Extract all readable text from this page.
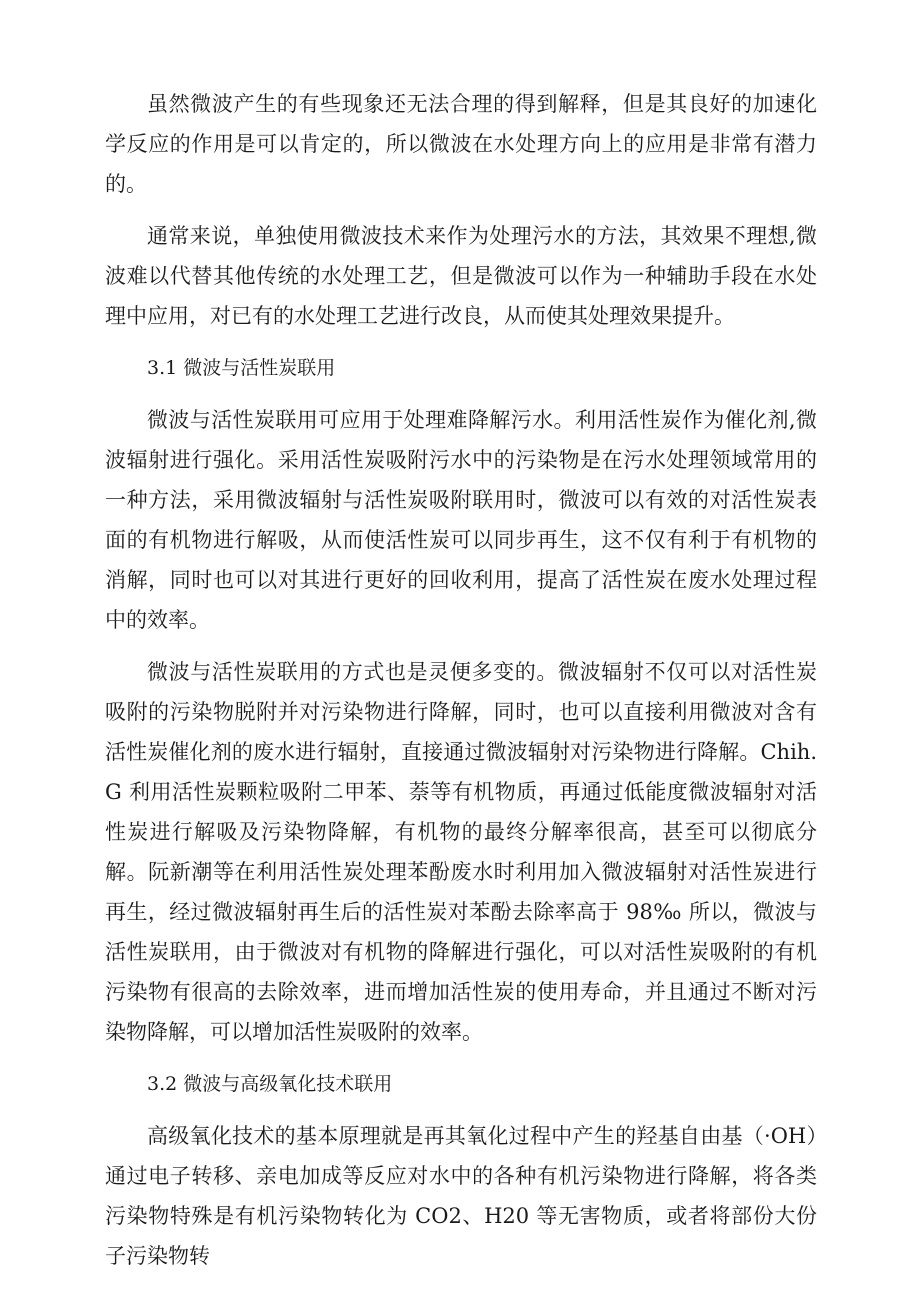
虽然微波产生的有些现象还无法合理的得到解释，但是其良好的加速化学反应的作用是可以肯定的，所以微波在水处理方向上的应用是非常有潜力的。

通常来说，单独使用微波技术来作为处理污水的方法，其效果不理想,微波难以代替其他传统的水处理工艺，但是微波可以作为一种辅助手段在水处理中应用，对已有的水处理工艺进行改良，从而使其处理效果提升。

3.1 微波与活性炭联用

微波与活性炭联用可应用于处理难降解污水。利用活性炭作为催化剂,微波辐射进行强化。采用活性炭吸附污水中的污染物是在污水处理领域常用的一种方法，采用微波辐射与活性炭吸附联用时，微波可以有效的对活性炭表面的有机物进行解吸，从而使活性炭可以同步再生，这不仅有利于有机物的消解，同时也可以对其进行更好的回收利用，提高了活性炭在废水处理过程中的效率。

微波与活性炭联用的方式也是灵便多变的。微波辐射不仅可以对活性炭吸附的污染物脱附并对污染物进行降解，同时，也可以直接利用微波对含有活性炭催化剂的废水进行辐射，直接通过微波辐射对污染物进行降解。Chih.G 利用活性炭颗粒吸附二甲苯、萘等有机物质，再通过低能度微波辐射对活性炭进行解吸及污染物降解，有机物的最终分解率很高，甚至可以彻底分解。阮新潮等在利用活性炭处理苯酚废水时利用加入微波辐射对活性炭进行再生，经过微波辐射再生后的活性炭对苯酚去除率高于 98‰ 所以，微波与活性炭联用，由于微波对有机物的降解进行强化，可以对活性炭吸附的有机污染物有很高的去除效率，进而增加活性炭的使用寿命，并且通过不断对污染物降解，可以增加活性炭吸附的效率。

3.2 微波与高级氧化技术联用

高级氧化技术的基本原理就是再其氧化过程中产生的羟基自由基（·OH）通过电子转移、亲电加成等反应对水中的各种有机污染物进行降解，将各类污染物特殊是有机污染物转化为 CO2、H20 等无害物质，或者将部份大份子污染物转
